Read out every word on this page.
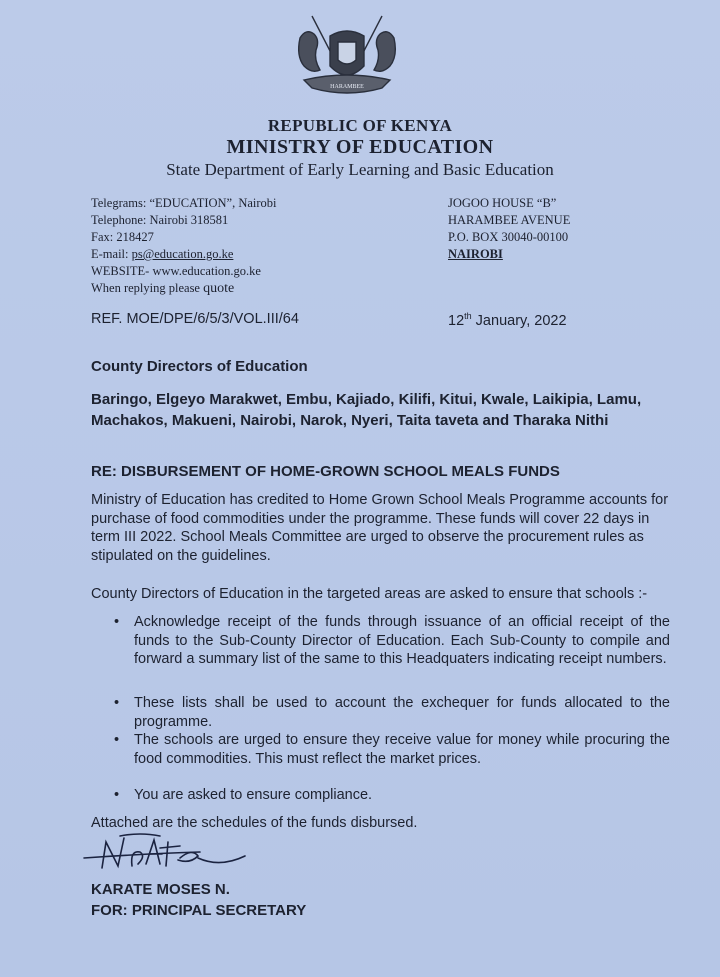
HARAMBEE
REPUBLIC OF KENYA
MINISTRY OF EDUCATION
State Department of Early Learning and Basic Education
Telegrams: “EDUCATION”, Nairobi
Telephone: Nairobi 318581
Fax: 218427
E-mail: ps@education.go.ke
WEBSITE- www.education.go.ke
When replying please quote
JOGOO HOUSE “B”
HARAMBEE AVENUE
P.O. BOX 30040-00100
NAIROBI
REF. MOE/DPE/6/5/3/VOL.III/64	12th January, 2022
County Directors of Education
Baringo, Elgeyo Marakwet, Embu, Kajiado, Kilifi, Kitui, Kwale, Laikipia, Lamu, Machakos, Makueni, Nairobi, Narok, Nyeri, Taita taveta and Tharaka Nithi
RE: DISBURSEMENT OF HOME-GROWN SCHOOL MEALS FUNDS
Ministry of Education has credited to Home Grown School Meals Programme accounts for purchase of food commodities under the programme. These funds will cover 22 days in term III 2022. School Meals Committee are urged to observe the procurement rules as stipulated on the guidelines.
County Directors of Education in the targeted areas are asked to ensure that schools :-
• Acknowledge receipt of the funds through issuance of an official receipt of the funds to the Sub-County Director of Education. Each Sub-County to compile and forward a summary list of the same to this Headquaters indicating receipt numbers.
• These lists shall be used to account the exchequer for funds allocated to the programme.
• The schools are urged to ensure they receive value for money while procuring the food commodities. This must reflect the market prices.
• You are asked to ensure compliance.
Attached are the schedules of the funds disbursed.
KARATE MOSES N.
FOR: PRINCIPAL SECRETARY
